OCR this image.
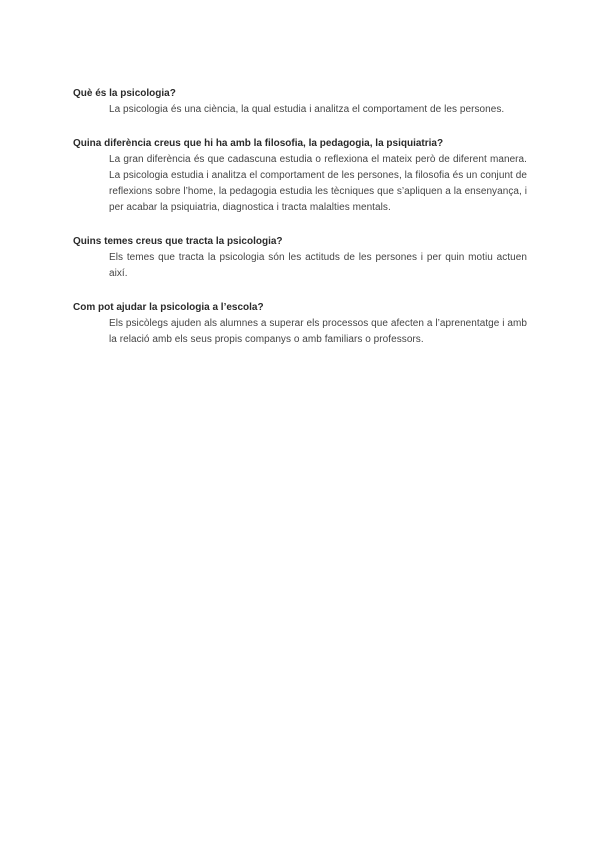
Què és la psicologia?

La psicologia és una ciència, la qual estudia i analitza el comportament de les persones.

Quina diferència creus que hi ha amb la filosofia, la pedagogia, la psiquiatria?

La gran diferència és que cadascuna estudia o reflexiona el mateix però de diferent manera. La psicologia estudia i analitza el comportament de les persones, la filosofia és un conjunt de reflexions sobre l’home, la pedagogia estudia les tècniques que s’apliquen a la ensenyança, i per acabar la psiquiatria, diagnostica i tracta malalties mentals.

Quins temes creus que tracta la psicologia?

Els temes que tracta la psicologia són les actituds de les persones i per quin motiu actuen així.

Com pot ajudar la psicologia a l’escola?

Els psicòlegs ajuden als alumnes a superar els processos que afecten a l’aprenentatge i amb la relació amb els seus propis companys o amb familiars o professors.
